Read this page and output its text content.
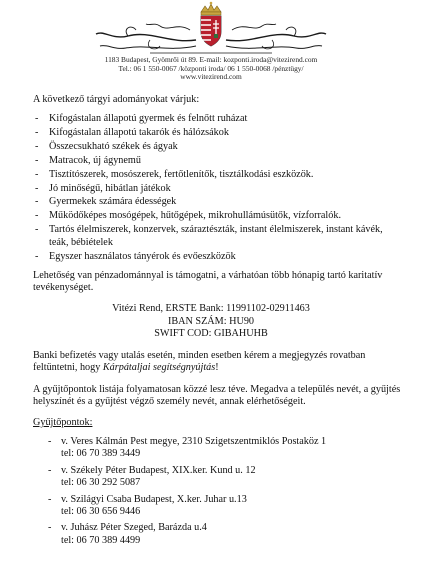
1183 Budapest, Gyömrői út 89. E-mail: kozponti.iroda@vitezirend.com
Tel.: 06 1 550-0067 /központi iroda/ 06 1 550-0068 /pénztügy/
www.vitezirend.com
A következő tárgyi adományokat várjuk:
- Kifogástalan állapotú gyermek és felnőtt ruházat
- Kifogástalan állapotú takarók és hálózsákok
- Összecsukható székek és ágyak
- Matracok, új ágynemű
- Tisztítószerek, mosószerek, fertőtlenítők, tisztálkodási eszközök.
- Jó minőségű, hibátlan játékok
- Gyermekek számára édességek
- Működőképes mosógépek, hűtőgépek, mikrohullámúsütők, vízforralók.
- Tartós élelmiszerek, konzervek, száraztészták, instant élelmiszerek, instant kávék, teák, bébiételek
- Egyszer használatos tányérok és evőeszközök
Lehetőség van pénzadománnyal is támogatni, a várhatóan több hónapig tartó karitatív tevékenységet.
Vitézi Rend, ERSTE Bank: 11991102-02911463
IBAN SZÁM: HU90
SWIFT COD: GIBAHUHB
Banki befizetés vagy utalás esetén, minden esetben kérem a megjegyzés rovatban feltüntetni, hogy Kárpátaljai segítségnyújtás!
A gyűjtőpontok listája folyamatosan közzé lesz téve. Megadva a település nevét, a gyűjtés helyszínét és a gyűjtést végző személy nevét, annak elérhetőségeit.
Gyűjtőpontok:
- v. Veres Kálmán Pest megye, 2310 Szigetszentmiklós Postaköz 1
tel: 06 70 389 3449
- v. Székely Péter Budapest, XIX.ker. Kund u. 12
tel: 06 30 292 5087
- v. Szilágyi Csaba Budapest, X.ker. Juhar u.13
tel: 06 30 656 9446
- v. Juhász Péter Szeged, Barázda u.4
tel: 06 70 389 4499
